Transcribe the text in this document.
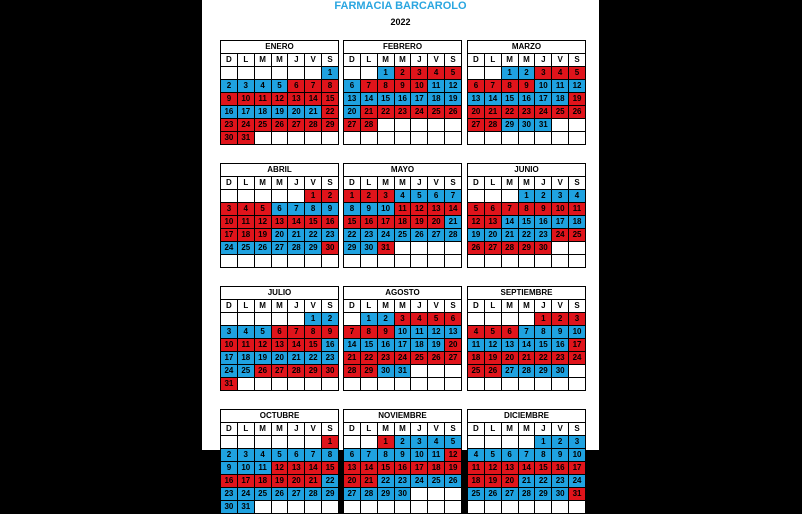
FARMACIA BARCAROLO
2022
ENERO
D	L	M	M	J	V	S
						1
2	3	4	5	6	7	8
9	10	11	12	13	14	15
16	17	18	19	20	21	22
23	24	25	26	27	28	29
30	31					
FEBRERO
D	L	M	M	J	V	S
		1	2	3	4	5
6	7	8	9	10	11	12
13	14	15	16	17	18	19
20	21	22	23	24	25	26
27	28					

MARZO
D	L	M	M	J	V	S
		1	2	3	4	5
6	7	8	9	10	11	12
13	14	15	16	17	18	19
20	21	22	23	24	25	26
27	28	29	30	31		

ABRIL
D	L	M	M	J	V	S
					1	2
3	4	5	6	7	8	9
10	11	12	13	14	15	16
17	18	19	20	21	22	23
24	25	26	27	28	29	30

MAYO
D	L	M	M	J	V	S
1	2	3	4	5	6	7
8	9	10	11	12	13	14
15	16	17	18	19	20	21
22	23	24	25	26	27	28
29	30	31				

JUNIO
D	L	M	M	J	V	S
			1	2	3	4
5	6	7	8	9	10	11
12	13	14	15	16	17	18
19	20	21	22	23	24	25
26	27	28	29	30		

JULIO
D	L	M	M	J	V	S
					1	2
3	4	5	6	7	8	9
10	11	12	13	14	15	16
17	18	19	20	21	22	23
24	25	26	27	28	29	30
31						
AGOSTO
D	L	M	M	J	V	S
	1	2	3	4	5	6
7	8	9	10	11	12	13
14	15	16	17	18	19	20
21	22	23	24	25	26	27
28	29	30	31			

SEPTIEMBRE
D	L	M	M	J	V	S
				1	2	3
4	5	6	7	8	9	10
11	12	13	14	15	16	17
18	19	20	21	22	23	24
25	26	27	28	29	30	

OCTUBRE
D	L	M	M	J	V	S
						1
2	3	4	5	6	7	8
9	10	11	12	13	14	15
16	17	18	19	20	21	22
23	24	25	26	27	28	29
30	31					
NOVIEMBRE
D	L	M	M	J	V	S
		1	2	3	4	5
6	7	8	9	10	11	12
13	14	15	16	17	18	19
20	21	22	23	24	25	26
27	28	29	30			

DICIEMBRE
D	L	M	M	J	V	S
				1	2	3
4	5	6	7	8	9	10
11	12	13	14	15	16	17
18	19	20	21	22	23	24
25	26	27	28	29	30	31
